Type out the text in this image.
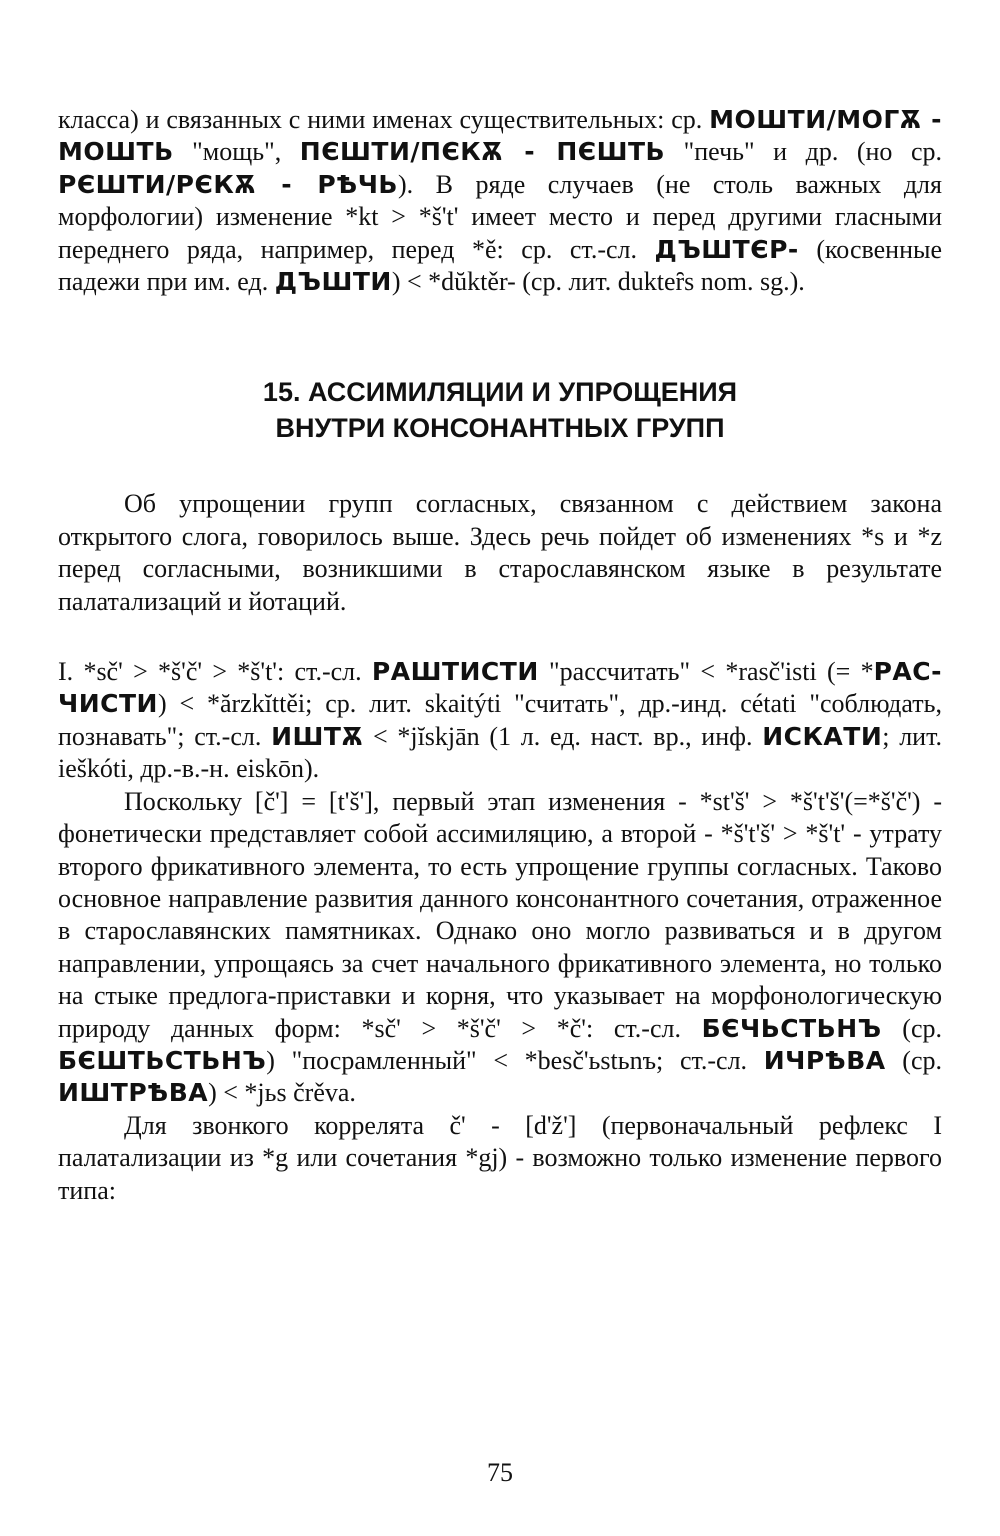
класса) и связанных с ними именах существительных: ср. МОШТИ/МОГѪ - МОШТЬ "мощь", ПЄШТИ/ПЄКѪ - ПЄШТЬ "печь" и др. (но ср. РЄШТИ/РЄКѪ - РѢЧЬ). В ряде случаев (не столь важных для морфологии) изменение *kt > *š't' имеет место и перед другими гласными переднего ряда, например, перед *ě: ср. ст.-сл. ДЪШТЄР- (косвенные падежи при им. ед. ДЪШТИ) < *dŭktěr- (ср. лит. dukteȓs nom. sg.).

15. АССИМИЛЯЦИИ И УПРОЩЕНИЯ
ВНУТРИ КОНСОНАНТНЫХ ГРУПП

Об упрощении групп согласных, связанном с действием закона открытого слога, говорилось выше. Здесь речь пойдет об изменениях *s и *z перед согласными, возникшими в старославянском языке в результате палатализаций и йотаций.

I. *sč' > *š'č' > *š't': ст.-сл. РАШТИСТИ "рассчитать" < *rasč'isti (= *РАС-ЧИСТИ) < *ărzkĭttěi; ср. лит. skaitýti "считать", др.-инд. cétati "соблюдать, познавать"; ст.-сл. ИШТѪ < *jĭskjān (1 л. ед. наст. вр., инф. ИСКАТИ; лит. ieškóti, др.-в.-н. eiskōn).

Поскольку [č'] = [t'š'], первый этап изменения - *st'š' > *š't'š'(=*š'č') - фонетически представляет собой ассимиляцию, а второй - *š't'š' > *š't' - утрату второго фрикативного элемента, то есть упрощение группы согласных. Таково основное направление развития данного консонантного сочетания, отраженное в старославянских памятниках. Однако оно могло развиваться и в другом направлении, упрощаясь за счет начального фрикативного элемента, но только на стыке предлога-приставки и корня, что указывает на морфонологическую природу данных форм: *sč' > *š'č' > *č': ст.-сл. БЄЧЬСТЬНЪ (ср. БЄШТЬСТЬНЪ) "посрамленный" < *besč'ьstьnъ; ст.-сл. ИЧРѢВА (ср. ИШТРѢВА) < *jьs črěva.

Для звонкого коррелята č' - [d'ž'] (первоначальный рефлекс I палатализации из *g или сочетания *gj) - возможно только изменение первого типа:

75
